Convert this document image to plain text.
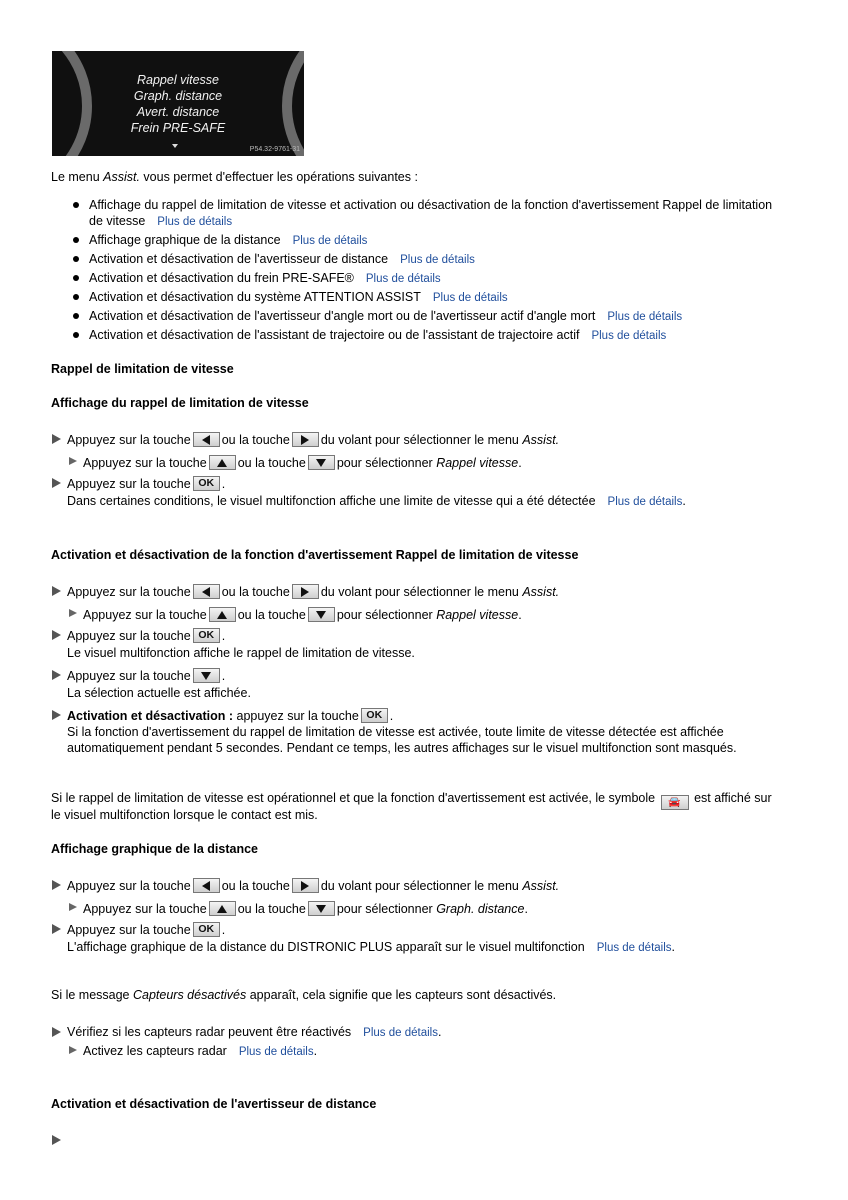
Rappel vitesse
Graph. distance
Avert. distance
Frein PRE-SAFE
P54.32-9761-31
Le menu Assist. vous permet d'effectuer les opérations suivantes :
Affichage du rappel de limitation de vitesse et activation ou désactivation de la fonction d'avertissement Rappel de limitation
de vitesse Plus de détails
Affichage graphique de la distance Plus de détails
Activation et désactivation de l'avertisseur de distance Plus de détails
Activation et désactivation du frein PRE-SAFE® Plus de détails
Activation et désactivation du système ATTENTION ASSIST Plus de détails
Activation et désactivation de l'avertisseur d'angle mort ou de l'avertisseur actif d'angle mort Plus de détails
Activation et désactivation de l'assistant de trajectoire ou de l'assistant de trajectoire actif Plus de détails
Rappel de limitation de vitesse
Affichage du rappel de limitation de vitesse
Appuyez sur la touche ou la touche du volant pour sélectionner le menu Assist.
Appuyez sur la touche ou la touche pour sélectionner Rappel vitesse.
Appuyez sur la touche OK .
Dans certaines conditions, le visuel multifonction affiche une limite de vitesse qui a été détectée Plus de détails.
Activation et désactivation de la fonction d'avertissement Rappel de limitation de vitesse
Appuyez sur la touche ou la touche du volant pour sélectionner le menu Assist.
Appuyez sur la touche ou la touche pour sélectionner Rappel vitesse.
Appuyez sur la touche OK .
Le visuel multifonction affiche le rappel de limitation de vitesse.
Appuyez sur la touche .
La sélection actuelle est affichée.
Activation et désactivation : appuyez sur la touche OK .
Si la fonction d'avertissement du rappel de limitation de vitesse est activée, toute limite de vitesse détectée est affichée
automatiquement pendant 5 secondes. Pendant ce temps, les autres affichages sur le visuel multifonction sont masqués.
Si le rappel de limitation de vitesse est opérationnel et que la fonction d'avertissement est activée, le symbole 🚘 est affiché sur
le visuel multifonction lorsque le contact est mis.
Affichage graphique de la distance
Appuyez sur la touche ou la touche du volant pour sélectionner le menu Assist.
Appuyez sur la touche ou la touche pour sélectionner Graph. distance.
Appuyez sur la touche OK .
L'affichage graphique de la distance du DISTRONIC PLUS apparaît sur le visuel multifonction Plus de détails.
Si le message Capteurs désactivés apparaît, cela signifie que les capteurs sont désactivés.
Vérifiez si les capteurs radar peuvent être réactivés Plus de détails.
Activez les capteurs radar Plus de détails.
Activation et désactivation de l'avertisseur de distance
